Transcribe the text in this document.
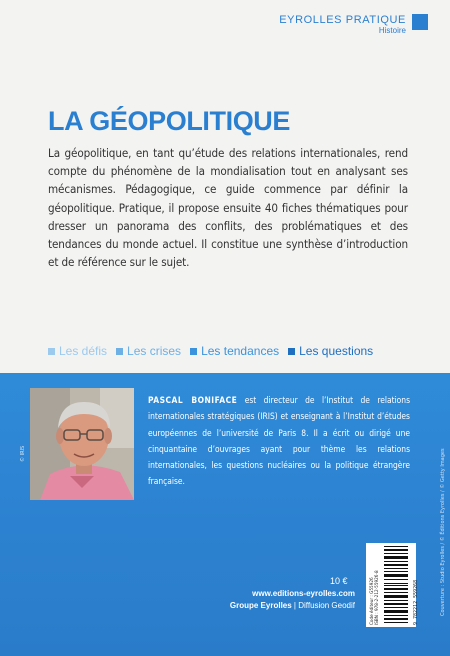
EYROLLES PRATIQUE
Histoire
LA GÉOPOLITIQUE

La géopolitique, en tant qu’étude des relations internationales, rend compte du phénomène de la mondialisation tout en analysant ses mécanismes. Pédagogique, ce guide commence par définir la géopolitique. Pratique, il propose ensuite 40 fiches thématiques pour dresser un panorama des conflits, des problématiques et des tendances du monde actuel. Il constitue une synthèse d’introduction et de référence sur le sujet.

Les défis Les crises Les tendances Les questions
© IRIS

PASCAL BONIFACE est directeur de l’Institut de relations internationales stratégiques (IRIS) et enseignant à l’Institut d’études européennes de l’université de Paris 8. Il a écrit ou dirigé une cinquantaine d’ouvrages ayant pour thème les relations internationales, les questions nucléaires ou la politique étrangère française.	Couverture : Studio Eyrolles / © Éditions Eyrolles / © Getty Images
10 €
www.editions-eyrolles.com
Groupe Eyrolles | Diffusion Geodif	Code éditeur : G55926 ISBN : 978-2-212-55926-8	9 782212 559268
